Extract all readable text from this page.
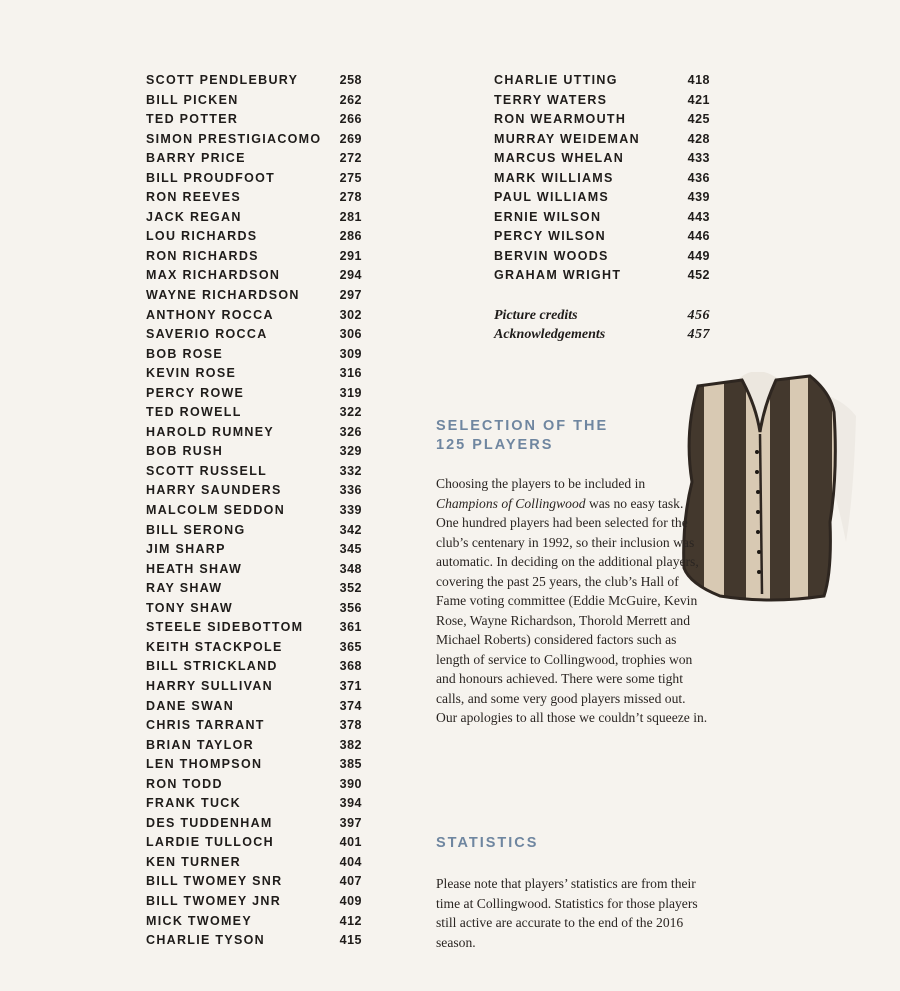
SCOTT PENDLEBURY	258
BILL PICKEN	262
TED POTTER	266
SIMON PRESTIGIACOMO	269
BARRY PRICE	272
BILL PROUDFOOT	275
RON REEVES	278
JACK REGAN	281
LOU RICHARDS	286
RON RICHARDS	291
MAX RICHARDSON	294
WAYNE RICHARDSON	297
ANTHONY ROCCA	302
SAVERIO ROCCA	306
BOB ROSE	309
KEVIN ROSE	316
PERCY ROWE	319
TED ROWELL	322
HAROLD RUMNEY	326
BOB RUSH	329
SCOTT RUSSELL	332
HARRY SAUNDERS	336
MALCOLM SEDDON	339
BILL SERONG	342
JIM SHARP	345
HEATH SHAW	348
RAY SHAW	352
TONY SHAW	356
STEELE SIDEBOTTOM	361
KEITH STACKPOLE	365
BILL STRICKLAND	368
HARRY SULLIVAN	371
DANE SWAN	374
CHRIS TARRANT	378
BRIAN TAYLOR	382
LEN THOMPSON	385
RON TODD	390
FRANK TUCK	394
DES TUDDENHAM	397
LARDIE TULLOCH	401
KEN TURNER	404
BILL TWOMEY SNR	407
BILL TWOMEY JNR	409
MICK TWOMEY	412
CHARLIE TYSON	415
CHARLIE UTTING	418
TERRY WATERS	421
RON WEARMOUTH	425
MURRAY WEIDEMAN	428
MARCUS WHELAN	433
MARK WILLIAMS	436
PAUL WILLIAMS	439
ERNIE WILSON	443
PERCY WILSON	446
BERVIN WOODS	449
GRAHAM WRIGHT	452
Picture credits	456
Acknowledgements	457
SELECTION OF THE
125 PLAYERS
Choosing the players to be included in Champions of Collingwood was no easy task. One hundred players had been selected for the club’s centenary in 1992, so their inclusion was automatic. In deciding on the additional players, covering the past 25 years, the club’s Hall of Fame voting committee (Eddie McGuire, Kevin Rose, Wayne Richardson, Thorold Merrett and Michael Roberts) considered factors such as length of service to Collingwood, trophies won and honours achieved. There were some tight calls, and some very good players missed out. Our apologies to all those we couldn’t squeeze in.
STATISTICS
Please note that players’ statistics are from their time at Collingwood. Statistics for those players still active are accurate to the end of the 2016 season.
